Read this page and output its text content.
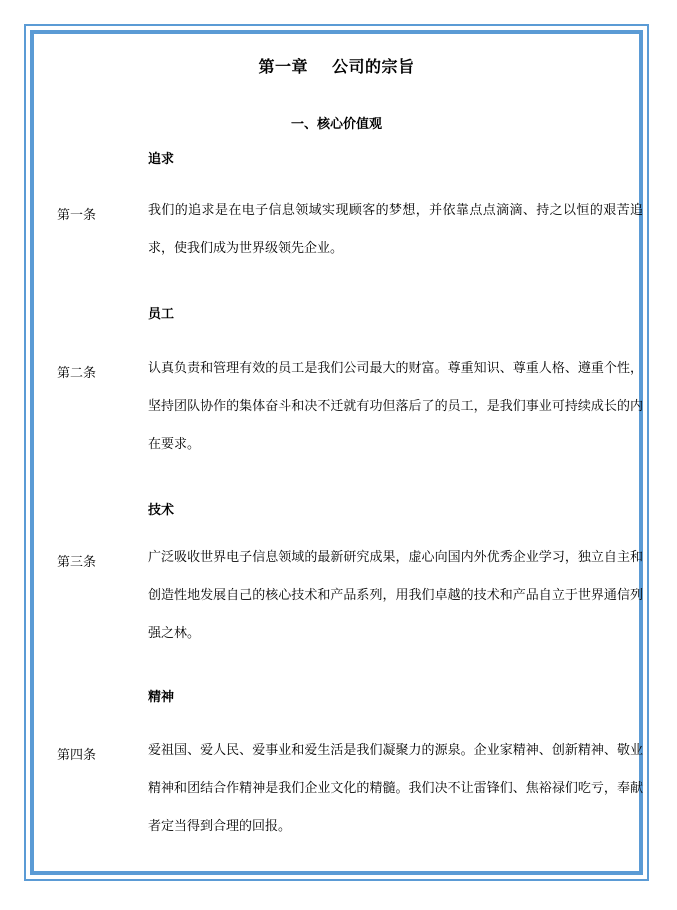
第一章 公司的宗旨
一、核心价值观
追求
第一条	我们的追求是在电子信息领域实现顾客的梦想，并依靠点点滴滴、持之以恒的艰苦追求，使我们成为世界级领先企业。
员工
第二条	认真负责和管理有效的员工是我们公司最大的财富。尊重知识、尊重人格、遵重个性，坚持团队协作的集体奋斗和决不迁就有功但落后了的员工，是我们事业可持续成长的内 在要求。
技术
第三条	广泛吸收世界电子信息领域的最新研究成果，虚心向国内外优秀企业学习，独立自主和创造性地发展自己的核心技术和产品系列，用我们卓越的技术和产品自立于世界通信列强之林。
精神
第四条	爱祖国、爱人民、爱事业和爱生活是我们凝聚力的源泉。企业家精神、创新精神、敬业精神和团结合作精神是我们企业文化的精髓。我们决不让雷锋们、焦裕禄们吃亏，奉献者定当得到合理的回报。
